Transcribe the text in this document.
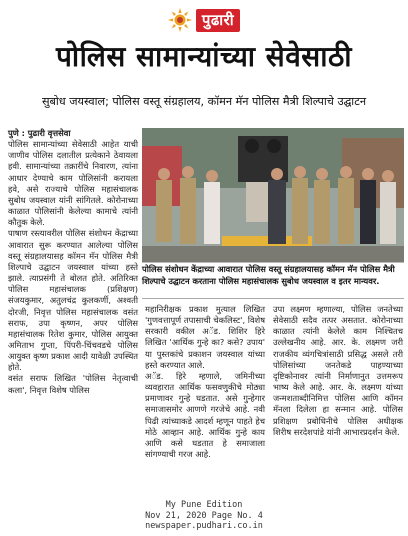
पुढारी
पोलिस सामान्यांच्या सेवेसाठी
सुबोध जयस्वाल; पोलिस वस्तू संग्रहालय, कॉमन मॅन पोलिस मैत्री शिल्पाचे उद्घाटन

पुणे : पुढारी वृत्तसेवा

पोलिस सामान्यांच्या सेवेसाठी आहेत याची जाणीव पोलिस दलातील प्रत्येकाने ठेवायला हवी. सामान्यांच्या तक्रारींचे निवारण, त्यांना आधार देण्याचे काम पोलिसांनी करायला हवे, असे राज्याचे पोलिस महासंचालक सुबोध जयस्वाल यांनी सांगितले. कोरोनाच्या काळात पोलिसांनी केलेल्या कामाचे त्यांनी कौतुक केले.

पाषाण रस्त्यावरील पोलिस संशोधन केंद्राच्या आवारात सुरू करण्यात आलेल्या पोलिस वस्तू संग्रहालयासह कॉमन मॅन पोलिस मैत्री शिल्पाचे उद्घाटन जयस्वाल यांच्या हस्ते झाले. त्याप्रसंगी ते बोलत होते. अतिरिक्त पोलिस महासंचालक (प्रशिक्षण) संजयकुमार, अतुलचंद्र कुलकर्णी, अश्वती दोरजी, निवृत्त पोलिस महासंचालक वसंत सराफ, उपा कृष्णन, अपर पोलिस महासंचालक रितेश कुमार, पोलिस आयुक्त अमिताभ गुप्ता, पिंपरी-चिंचवडचे पोलिस आयुक्त कृष्ण प्रकाश आदी यावेळी उपस्थित होते.

वसंत सराफ लिखित 'पोलिस नेतृत्वाची कला', निवृत्त विशेष पोलिस

पोलिस संशोधन केंद्राच्या आवारात पोलिस वस्तू संग्रहालयासह कॉमन मॅन पोलिस मैत्री शिल्पाचे उद्घाटन करताना पोलिस महासंचालक सुबोध जयस्वाल व इतर मान्यवर.

महानिरीक्षक प्रकाश मुत्याल लिखित 'गुणवत्तापूर्ण तपासाची चेकलिस्ट', विशेष सरकारी वकील अॅड. शिशिर हिरे लिखित 'आर्थिक गुन्हे का? कसे? उपाय' या पुस्तकांचे प्रकाशन जयस्वाल यांच्या हस्ते करण्यात आले.

अॅड. हिरे म्हणाले, जमिनीच्या व्यवहारात आर्थिक फसवणुकीचे मोठ्या प्रमाणावर गुन्हे घडतात. असे गुन्हेगार समाजासमोर आणणे गरजेचे आहे. नवी पिढी त्यांच्याकडे आदर्श म्हणून पाहते हेच मोठे आव्हान आहे. आर्थिक गुन्हे काय आणि कसे घडतात हे समाजाला सांगण्याची गरज आहे.

उपा लक्ष्मण म्हणाल्या, पोलिस जनतेच्या सेवेसाठी सदैव तत्पर असतात. कोरोनाच्या काळात त्यांनी केलेले काम निश्चितच उल्लेखनीय आहे. आर. के. लक्ष्मण जरी राजकीय व्यंगचित्रांसाठी प्रसिद्ध असले तरी पोलिसांच्या जनतेकडे पाहण्याच्या दृष्टिकोनावर त्यांनी निर्माणानुत उत्तमरूप भाष्य केले आहे. आर. के. लक्ष्मण यांच्या जन्मशताब्दीनिमित्त पोलिस आणि कॉमन मॅनला दिलेला हा सन्मान आहे. पोलिस प्रशिक्षण प्रबोधिनीचे पोलिस अधीक्षक शिरीष सरदेशपांडे यांनी आभारप्रदर्शन केले.

My Pune Edition
Nov 21, 2020 Page No. 4
newspaper.pudhari.co.in
